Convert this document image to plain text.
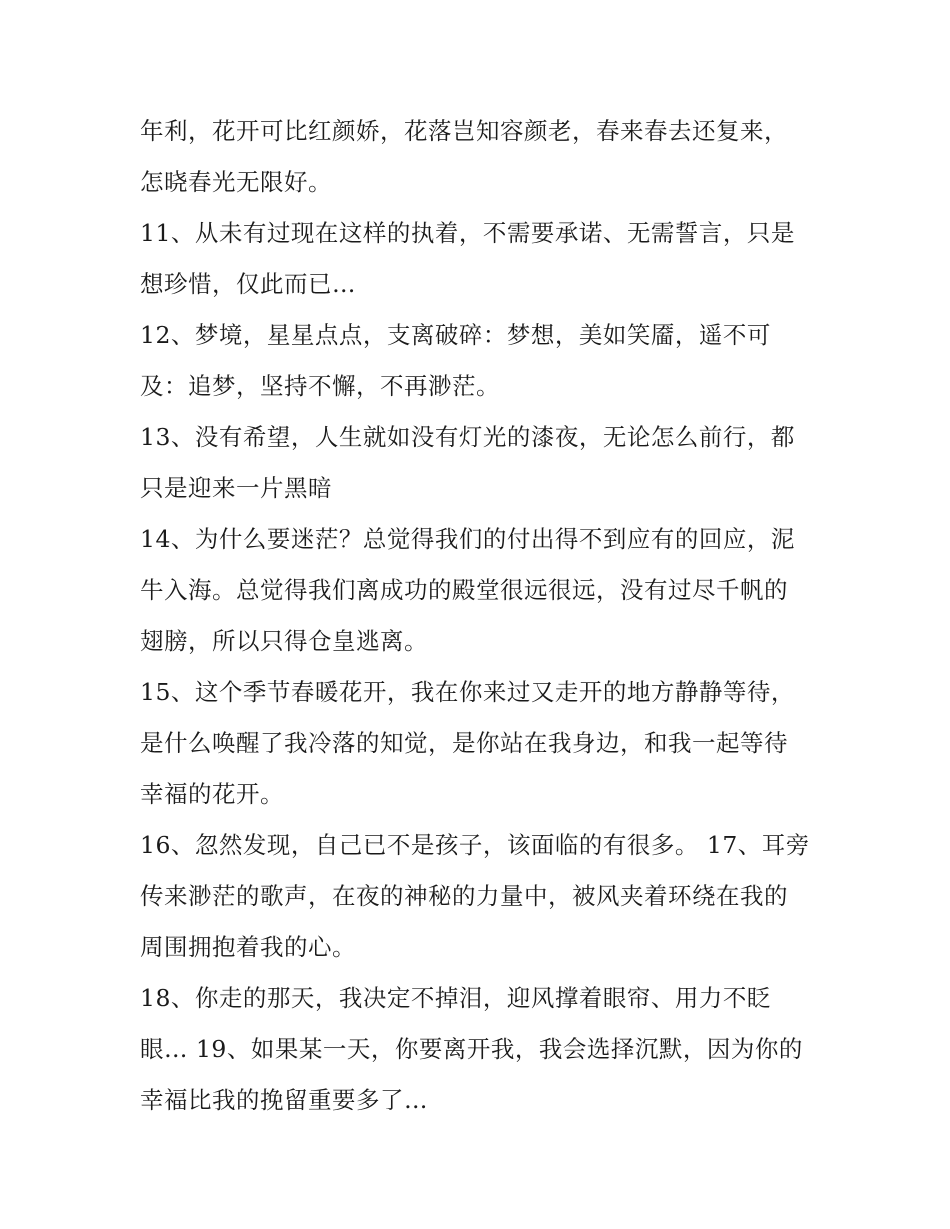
年利，花开可比红颜娇，花落岂知容颜老，春来春去还复来，
怎晓春光无限好。
11、从未有过现在这样的执着，不需要承诺、无需誓言，只是
想珍惜，仅此而已…
12、梦境，星星点点，支离破碎：梦想，美如笑靥，遥不可
及：追梦，坚持不懈，不再渺茫。
13、没有希望，人生就如没有灯光的漆夜，无论怎么前行，都
只是迎来一片黑暗
14、为什么要迷茫？总觉得我们的付出得不到应有的回应，泥
牛入海。总觉得我们离成功的殿堂很远很远，没有过尽千帆的
翅膀，所以只得仓皇逃离。
15、这个季节春暖花开，我在你来过又走开的地方静静等待，
是什么唤醒了我冷落的知觉，是你站在我身边，和我一起等待
幸福的花开。
16、忽然发现，自己已不是孩子，该面临的有很多。 17、耳旁
传来渺茫的歌声，在夜的神秘的力量中，被风夹着环绕在我的
周围拥抱着我的心。
18、你走的那天，我决定不掉泪，迎风撑着眼帘、用力不眨
眼… 19、如果某一天，你要离开我，我会选择沉默，因为你的
幸福比我的挽留重要多了…
